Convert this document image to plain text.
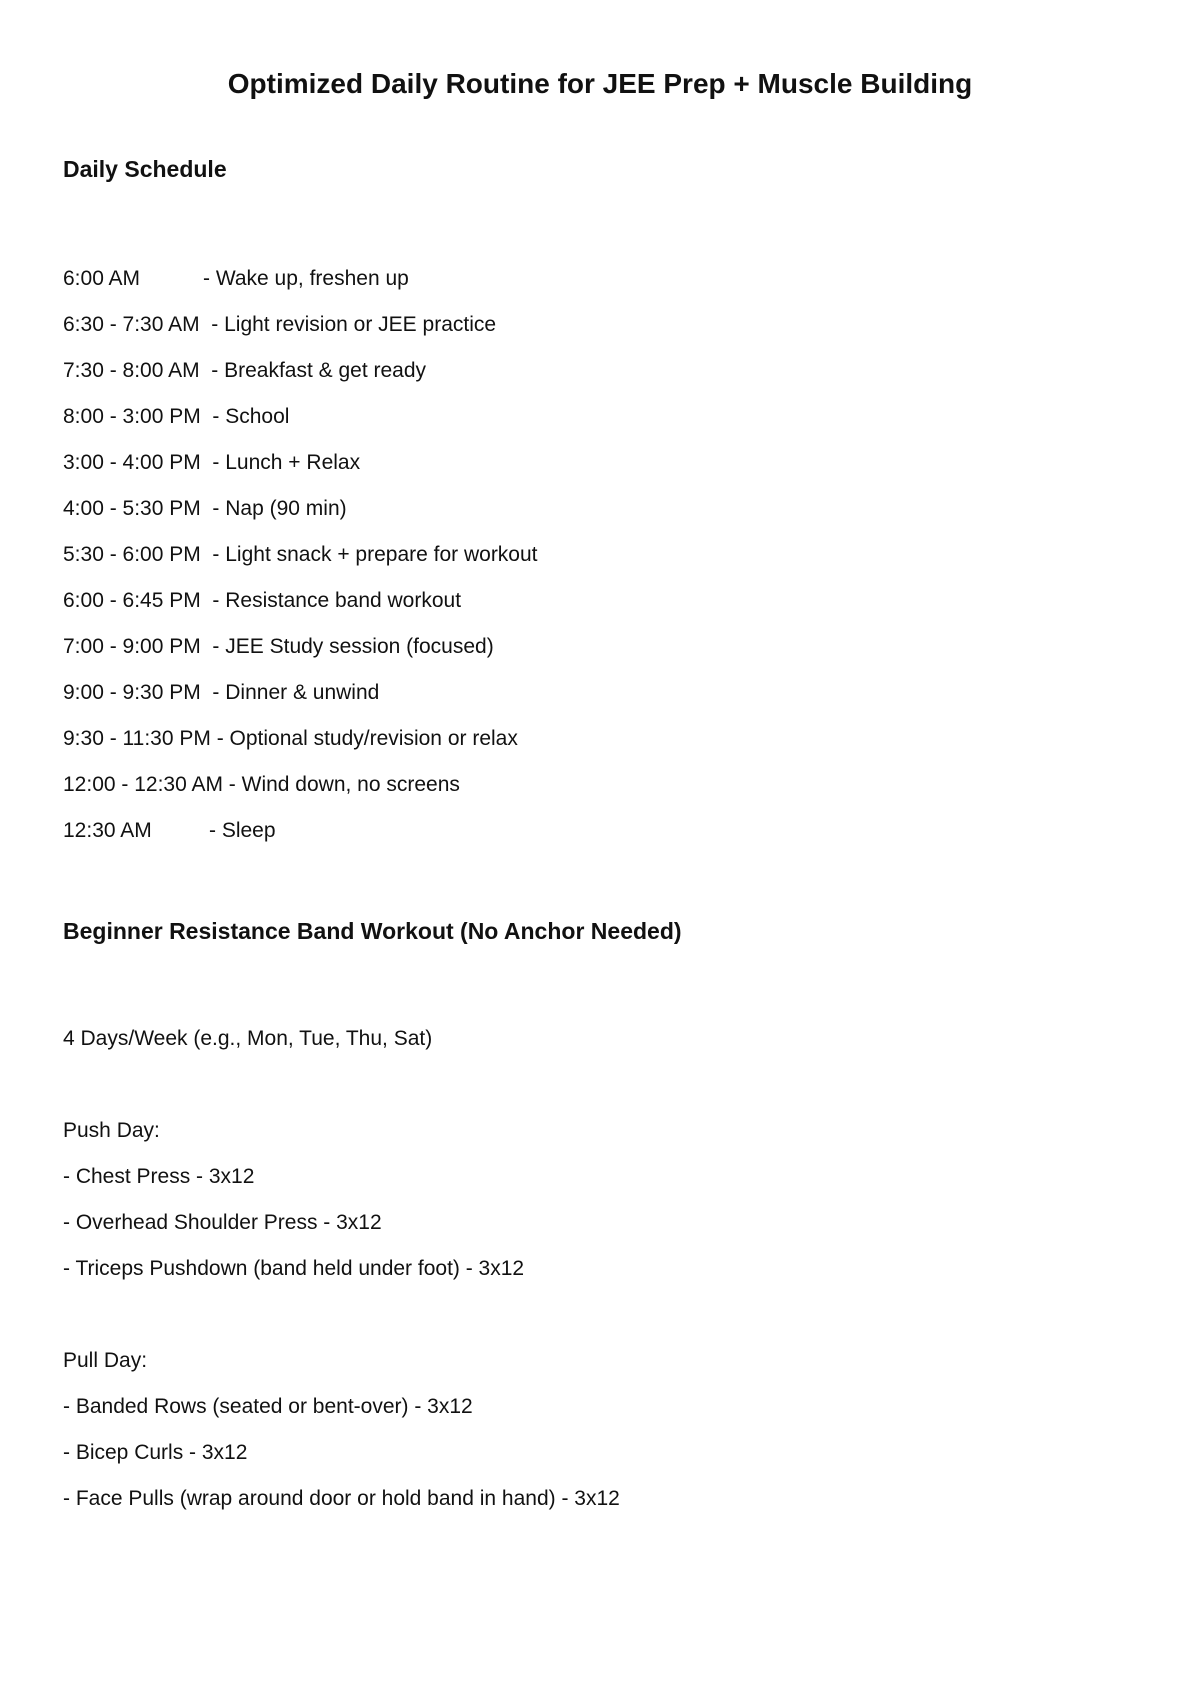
Optimized Daily Routine for JEE Prep + Muscle Building
Daily Schedule
6:00 AM	- Wake up, freshen up
6:30 - 7:30 AM - Light revision or JEE practice
7:30 - 8:00 AM - Breakfast & get ready
8:00 - 3:00 PM - School
3:00 - 4:00 PM - Lunch + Relax
4:00 - 5:30 PM - Nap (90 min)
5:30 - 6:00 PM - Light snack + prepare for workout
6:00 - 6:45 PM - Resistance band workout
7:00 - 9:00 PM - JEE Study session (focused)
9:00 - 9:30 PM - Dinner & unwind
9:30 - 11:30 PM - Optional study/revision or relax
12:00 - 12:30 AM - Wind down, no screens
12:30 AM	- Sleep
Beginner Resistance Band Workout (No Anchor Needed)

4 Days/Week (e.g., Mon, Tue, Thu, Sat)

Push Day:

- Chest Press - 3x12

- Overhead Shoulder Press - 3x12

- Triceps Pushdown (band held under foot) - 3x12

Pull Day:

- Banded Rows (seated or bent-over) - 3x12

- Bicep Curls - 3x12

- Face Pulls (wrap around door or hold band in hand) - 3x12
